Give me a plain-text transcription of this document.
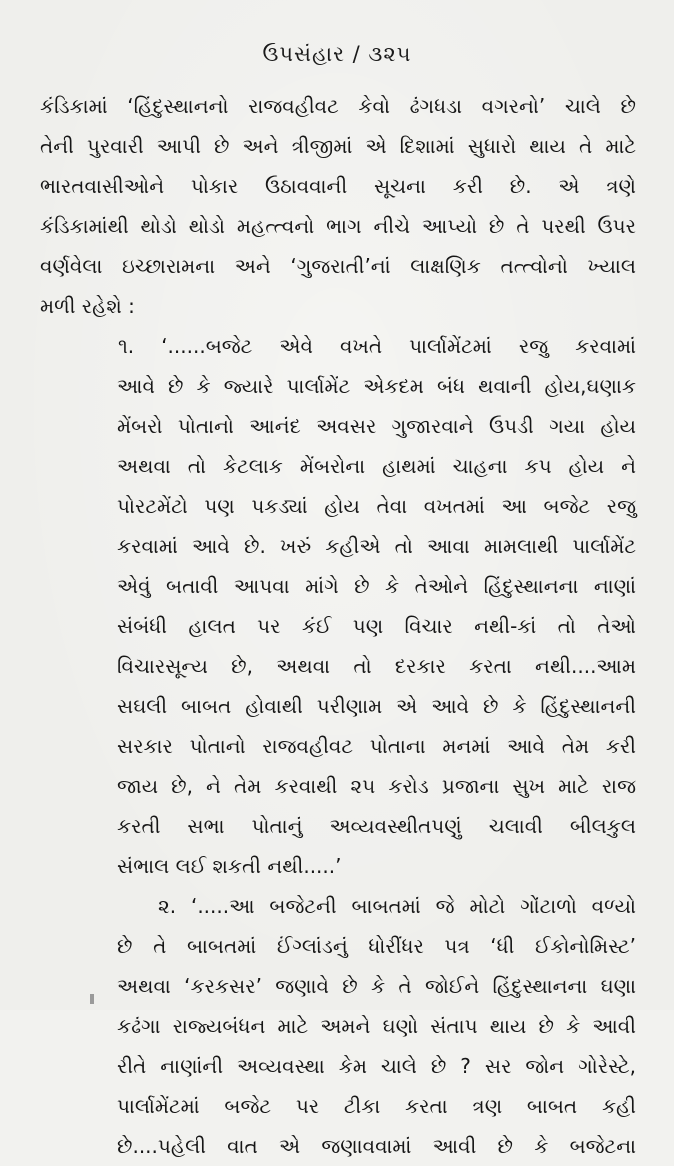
ઉપસંહાર / ૩૨૫
કંડિકામાં ‘હિંદુસ્થાનનો રાજવહીવટ કેવો ઢંગધડા વગરનો’ ચાલે છે
તેની પુરવારી આપી છે અને ત્રીજીમાં એ દિશામાં સુધારો થાય તે માટે
ભારતવાસીઓને પોકાર ઉઠાવવાની સૂચના કરી છે. એ ત્રણે
કંડિકામાંથી થોડો થોડો મહત્ત્વનો ભાગ નીચે આપ્યો છે તે પરથી ઉપર
વર્ણવેલા ઇચ્છારામના અને ‘ગુજરાતી’નાં લાક્ષણિક તત્ત્વોનો ખ્યાલ
મળી રહેશે :
૧. ‘......બજેટ એવે વખતે પાર્લામેંટમાં રજુ કરવામાં
આવે છે કે જ્યારે પાર્લામેંટ એકદમ બંધ થવાની હોય,ઘણાક
મેંબરો પોતાનો આનંદ અવસર ગુજારવાને ઉપડી ગયા હોય
અથવા તો કેટલાક મેંબરોના હાથમાં ચાહના કપ હોય ને
પોરટમેંટો પણ પકડ્યાં હોય તેવા વખતમાં આ બજેટ રજુ
કરવામાં આવે છે. ખરું કહીએ તો આવા મામલાથી પાર્લામેંટ
એવું બતાવી આપવા માંગે છે કે તેઓને હિંદુસ્થાનના નાણાં
સંબંધી હાલત પર કંઈ પણ વિચાર નથી-કાં તો તેઓ
વિચારસૂન્ય છે, અથવા તો દરકાર કરતા નથી....આમ
સઘલી બાબત હોવાથી પરીણામ એ આવે છે કે હિંદુસ્થાનની
સરકાર પોતાનો રાજવહીવટ પોતાના મનમાં આવે તેમ કરી
જાય છે, ને તેમ કરવાથી ૨૫ કરોડ પ્રજાના સુખ માટે રાજ
કરતી સભા પોતાનું અવ્યવસ્થીતપણું ચલાવી બીલકુલ
સંભાલ લઈ શકતી નથી.....’
૨. ‘.....આ બજેટની બાબતમાં જે મોટો ગોંટાળો વળ્યો
છે તે બાબતમાં ઈંગ્લાંડનું ધોરીંધર પત્ર ‘ધી ઈકોનોમિસ્ટ’
અથવા ‘કરકસર’ જણાવે છે કે તે જોઈને હિંદુસ્થાનના ઘણા
કઢંગા રાજ્યબંધન માટે અમને ઘણો સંતાપ થાય છે કે આવી
રીતે નાણાંની અવ્યવસ્થા કેમ ચાલે છે ? સર જોન ગોરેસ્ટે,
પાર્લામેંટમાં બજેટ પર ટીકા કરતા ત્રણ બાબત કહી
છે....પહેલી વાત એ જણાવવામાં આવી છે કે બજેટના
